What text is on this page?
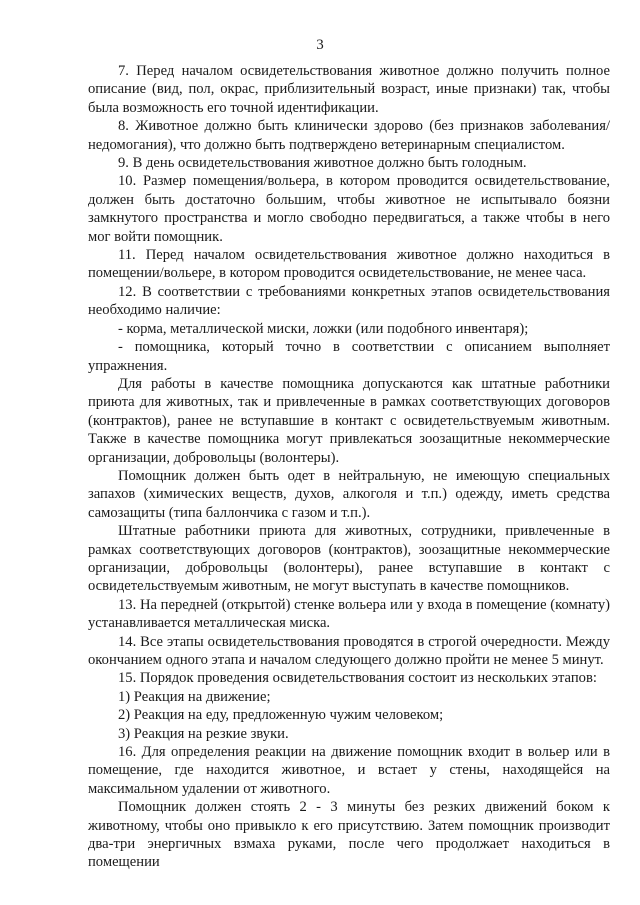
3

7. Перед началом освидетельствования животное должно получить полное описание (вид, пол, окрас, приблизительный возраст, иные признаки) так, чтобы была возможность его точной идентификации.

8. Животное должно быть клинически здорово (без признаков заболевания/недомогания), что должно быть подтверждено ветеринарным специалистом.

9. В день освидетельствования животное должно быть голодным.

10. Размер помещения/вольера, в котором проводится освидетельствование, должен быть достаточно большим, чтобы животное не испытывало боязни замкнутого пространства и могло свободно передвигаться, а также чтобы в него мог войти помощник.

11. Перед началом освидетельствования животное должно находиться в помещении/вольере, в котором проводится освидетельствование, не менее часа.

12. В соответствии с требованиями конкретных этапов освидетельствования необходимо наличие:

- корма, металлической миски, ложки (или подобного инвентаря);

- помощника, который точно в соответствии с описанием выполняет упражнения.

Для работы в качестве помощника допускаются как штатные работники приюта для животных, так и привлеченные в рамках соответствующих договоров (контрактов), ранее не вступавшие в контакт с освидетельствуемым животным. Также в качестве помощника могут привлекаться зоозащитные некоммерческие организации, добровольцы (волонтеры).

Помощник должен быть одет в нейтральную, не имеющую специальных запахов (химических веществ, духов, алкоголя и т.п.) одежду, иметь средства самозащиты (типа баллончика с газом и т.п.).

Штатные работники приюта для животных, сотрудники, привлеченные в рамках соответствующих договоров (контрактов), зоозащитные некоммерческие организации, добровольцы (волонтеры), ранее вступавшие в контакт с освидетельствуемым животным, не могут выступать в качестве помощников.

13. На передней (открытой) стенке вольера или у входа в помещение (комнату) устанавливается металлическая миска.

14. Все этапы освидетельствования проводятся в строгой очередности. Между окончанием одного этапа и началом следующего должно пройти не менее 5 минут.

15. Порядок проведения освидетельствования состоит из нескольких этапов:

1) Реакция на движение;

2) Реакция на еду, предложенную чужим человеком;

3) Реакция на резкие звуки.

16. Для определения реакции на движение помощник входит в вольер или в помещение, где находится животное, и встает у стены, находящейся на максимальном удалении от животного.

Помощник должен стоять 2 - 3 минуты без резких движений боком к животному, чтобы оно привыкло к его присутствию. Затем помощник производит два-три энергичных взмаха руками, после чего продолжает находиться в помещении
